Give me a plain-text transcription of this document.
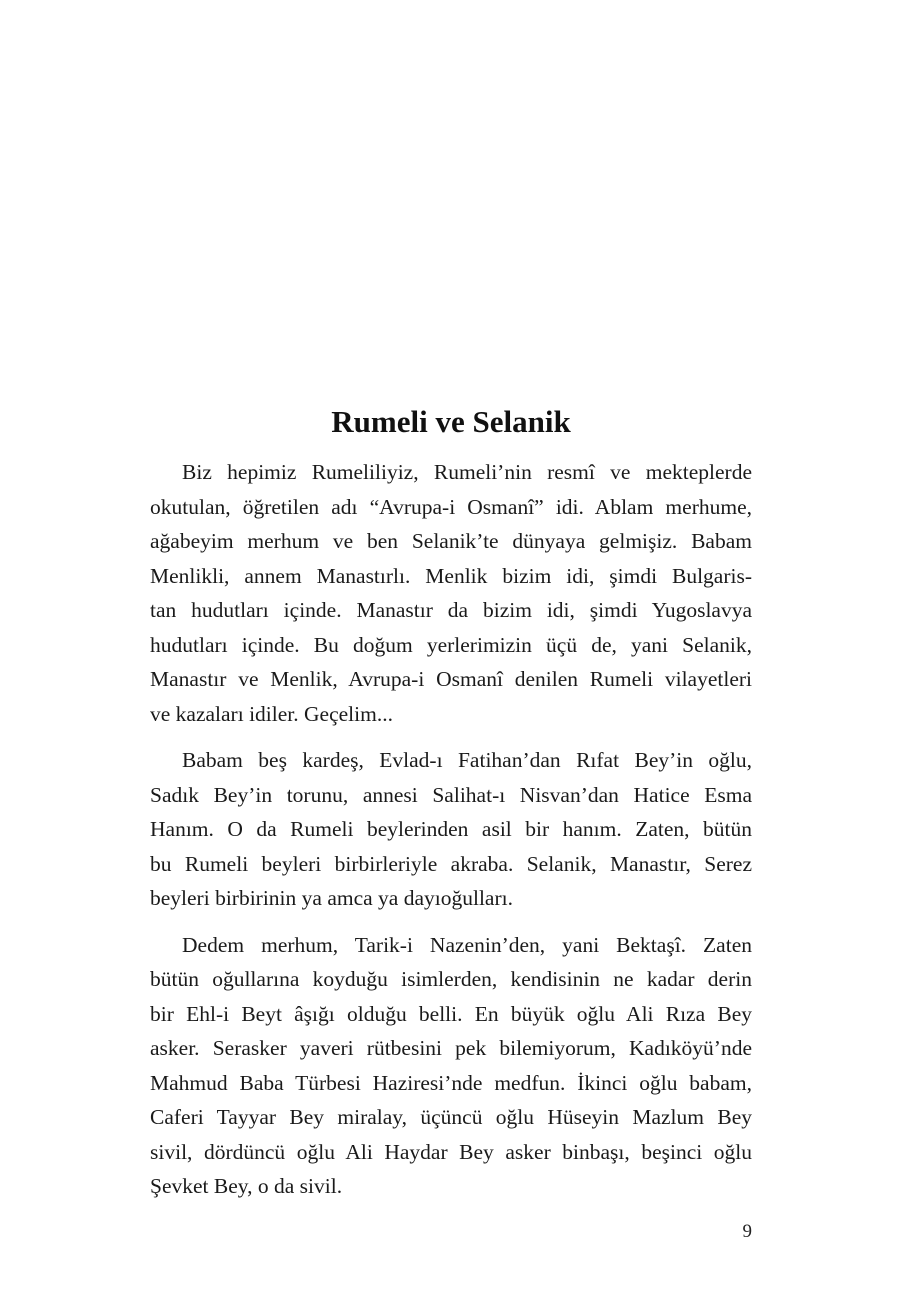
Rumeli ve Selanik

Biz hepimiz Rumeliliyiz, Rumeli’nin resmî ve mekteplerde
okutulan, öğretilen adı “Avrupa-i Osmanî” idi. Ablam merhume,
ağabeyim merhum ve ben Selanik’te dünyaya gelmişiz. Babam
Menlikli, annem Manastırlı. Menlik bizim idi, şimdi Bulgaris-
tan hudutları içinde. Manastır da bizim idi, şimdi Yugoslavya
hudutları içinde. Bu doğum yerlerimizin üçü de, yani Selanik,
Manastır ve Menlik, Avrupa-i Osmanî denilen Rumeli vilayetleri
ve kazaları idiler. Geçelim...

Babam beş kardeş, Evlad-ı Fatihan’dan Rıfat Bey’in oğlu,
Sadık Bey’in torunu, annesi Salihat-ı Nisvan’dan Hatice Esma
Hanım. O da Rumeli beylerinden asil bir hanım. Zaten, bütün
bu Rumeli beyleri birbirleriyle akraba. Selanik, Manastır, Serez
beyleri birbirinin ya amca ya dayıoğulları.

Dedem merhum, Tarik-i Nazenin’den, yani Bektaşî. Zaten
bütün oğullarına koyduğu isimlerden, kendisinin ne kadar derin
bir Ehl-i Beyt âşığı olduğu belli. En büyük oğlu Ali Rıza Bey
asker. Serasker yaveri rütbesini pek bilemiyorum, Kadıköyü’nde
Mahmud Baba Türbesi Haziresi’nde medfun. İkinci oğlu babam,
Caferi Tayyar Bey miralay, üçüncü oğlu Hüseyin Mazlum Bey
sivil, dördüncü oğlu Ali Haydar Bey asker binbaşı, beşinci oğlu
Şevket Bey, o da sivil.

9
